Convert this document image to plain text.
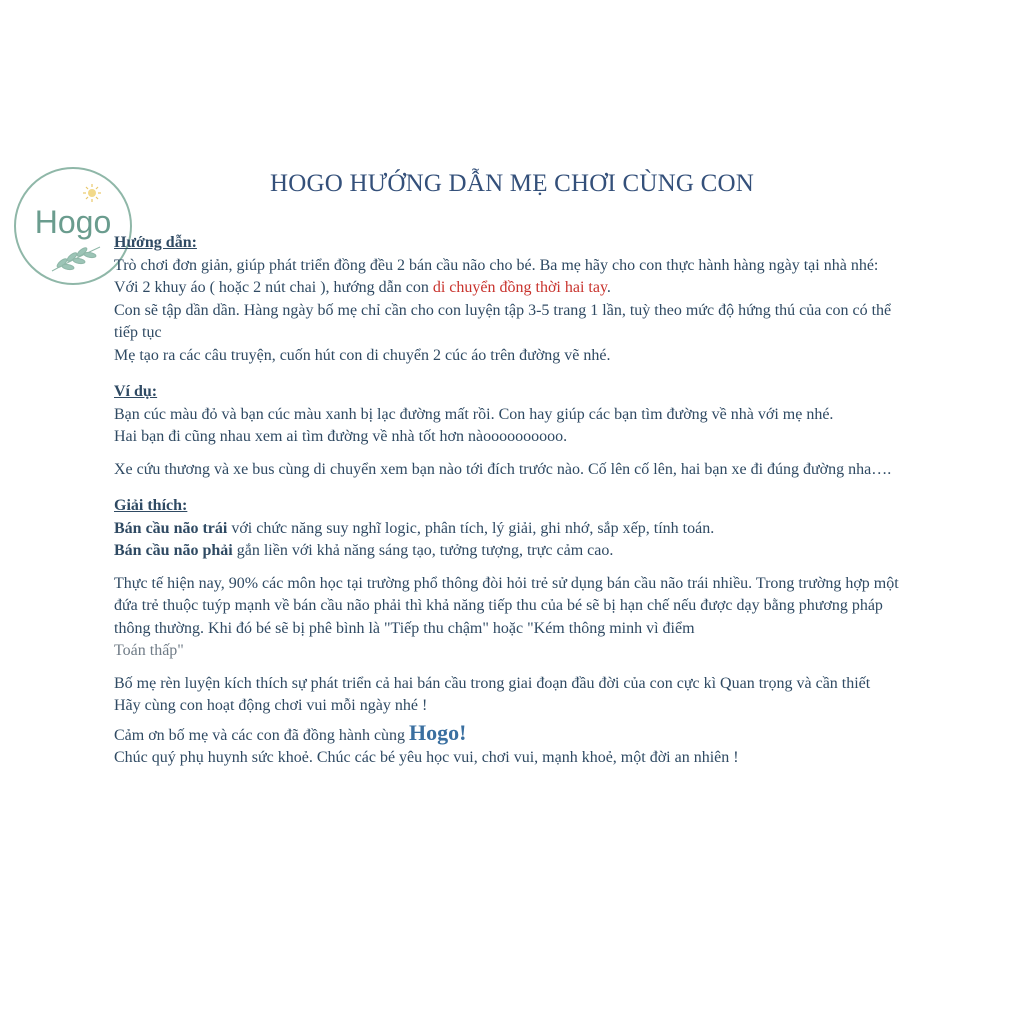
Hogo
HOGO HƯỚNG DẪN MẸ CHƠI CÙNG CON

Hướng dẫn:

Trò chơi đơn giản, giúp phát triển đồng đều 2 bán cầu não cho bé. Ba mẹ hãy cho con thực hành hàng ngày tại nhà nhé:

Với 2 khuy áo ( hoặc 2 nút chai ), hướng dẫn con di chuyển đồng thời hai tay.

Con sẽ tập dần dần. Hàng ngày bố mẹ chỉ cần cho con luyện tập 3-5 trang 1 lần, tuỳ theo mức độ hứng thú của con có thể tiếp tục

Mẹ tạo ra các câu truyện, cuốn hút con di chuyển 2 cúc áo trên đường vẽ nhé.

Ví dụ:

Bạn cúc màu đỏ và bạn cúc màu xanh bị lạc đường mất rồi. Con hay giúp các bạn tìm đường về nhà với mẹ nhé.

Hai bạn đi cũng nhau xem ai tìm đường về nhà tốt hơn nàoooooooooo.

Xe cứu thương và xe bus cùng di chuyển xem bạn nào tới đích trước nào. Cố lên cố lên, hai bạn xe đi đúng đường nha….

Giải thích:

Bán cầu não trái với chức năng suy nghĩ logic, phân tích, lý giải, ghi nhớ, sắp xếp, tính toán.

Bán cầu não phải gắn liền với khả năng sáng tạo, tưởng tượng, trực cảm cao.

Thực tế hiện nay, 90% các môn học tại trường phổ thông đòi hỏi trẻ sử dụng bán cầu não trái nhiều. Trong trường hợp một đứa trẻ thuộc tuýp mạnh về bán cầu não phải thì khả năng tiếp thu của bé sẽ bị hạn chế nếu được dạy bằng phương pháp thông thường. Khi đó bé sẽ bị phê bình là "Tiếp thu chậm" hoặc "Kém thông minh vì điểm
Toán thấp"

Bố mẹ rèn luyện kích thích sự phát triển cả hai bán cầu trong giai đoạn đầu đời của con cực kì Quan trọng và cần thiết

Hãy cùng con hoạt động chơi vui mỗi ngày nhé !

Cảm ơn bố mẹ và các con đã đồng hành cùng Hogo!

Chúc quý phụ huynh sức khoẻ. Chúc các bé yêu học vui, chơi vui, mạnh khoẻ, một đời an nhiên !
